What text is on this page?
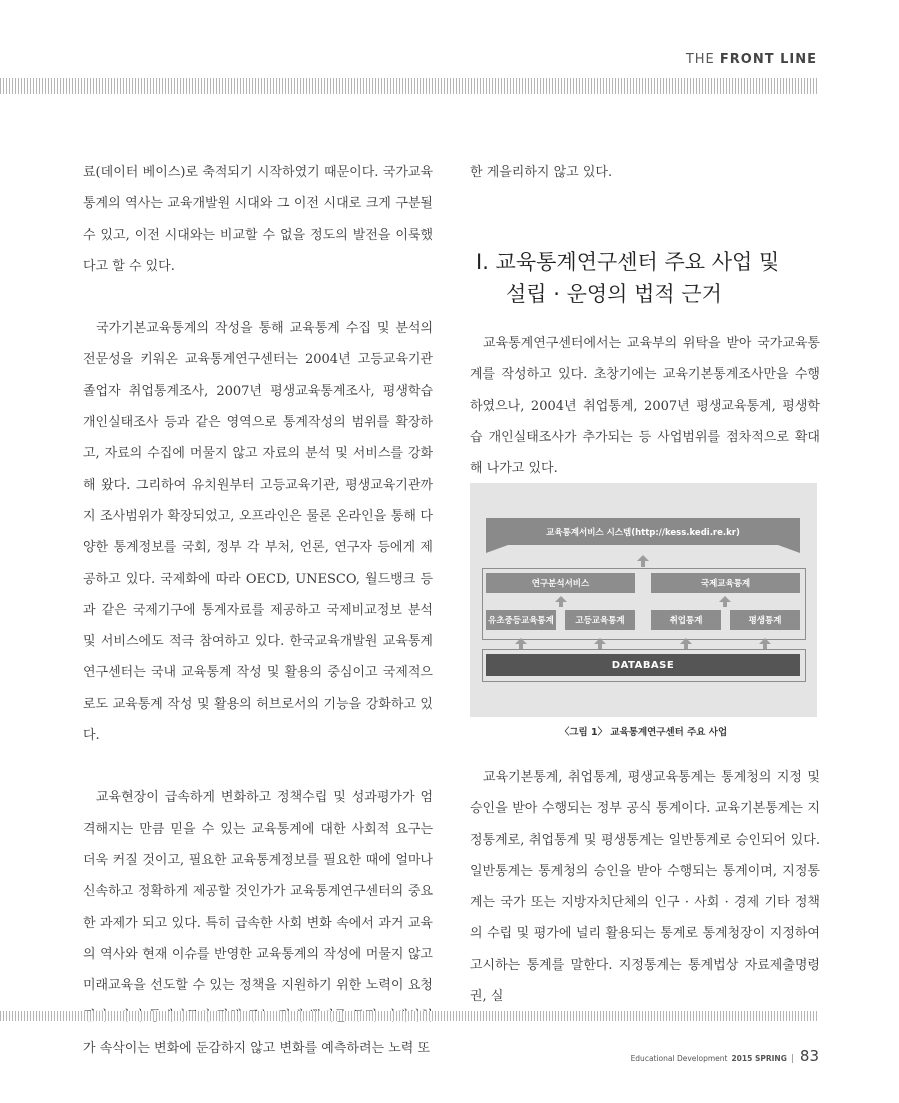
THE FRONT LINE

료(데이터 베이스)로 축적되기 시작하였기 때문이다. 국가교육 통계의 역사는 교육개발원 시대와 그 이전 시대로 크게 구분될 수 있고, 이전 시대와는 비교할 수 없을 정도의 발전을 이룩했다고 할 수 있다.

국가기본교육통계의 작성을 통해 교육통계 수집 및 분석의 전문성을 키워온 교육통계연구센터는 2004년 고등교육기관 졸업자 취업통계조사, 2007년 평생교육통계조사, 평생학습 개인실태조사 등과 같은 영역으로 통계작성의 범위를 확장하고, 자료의 수집에 머물지 않고 자료의 분석 및 서비스를 강화해 왔다. 그리하여 유치원부터 고등교육기관, 평생교육기관까지 조사범위가 확장되었고, 오프라인은 물론 온라인을 통해 다양한 통계정보를 국회, 정부 각 부처, 언론, 연구자 등에게 제공하고 있다. 국제화에 따라 OECD, UNESCO, 월드뱅크 등과 같은 국제기구에 통계자료를 제공하고 국제비교정보 분석 및 서비스에도 적극 참여하고 있다. 한국교육개발원 교육통계연구센터는 국내 교육통계 작성 및 활용의 중심이고 국제적으로도 교육통계 작성 및 활용의 허브로서의 기능을 강화하고 있다.

교육현장이 급속하게 변화하고 정책수립 및 성과평가가 엄격해지는 만큼 믿을 수 있는 교육통계에 대한 사회적 요구는 더욱 커질 것이고, 필요한 교육통계정보를 필요한 때에 얼마나 신속하고 정확하게 제공할 것인가가 교육통계연구센터의 중요한 과제가 되고 있다. 특히 급속한 사회 변화 속에서 과거 교육의 역사와 현재 이슈를 반영한 교육통계의 작성에 머물지 않고 미래교육을 선도할 수 있는 정책을 지원하기 위한 노력이 요청 가 속삭이는 변화에 둔감하지 않고 변화를 예측하려는 노력 또

한 게을리하지 않고 있다.

Ⅰ. 교육통계연구센터 주요 사업 및
설립 · 운영의 법적 근거

교육통계연구센터에서는 교육부의 위탁을 받아 국가교육통계를 작성하고 있다. 초창기에는 교육기본통계조사만을 수행하였으나, 2004년 취업통계, 2007년 평생교육통계, 평생학습 개인실태조사가 추가되는 등 사업범위를 점차적으로 확대해 나가고 있다.

교육통계서비스 시스템(http://kess.kedi.re.kr)
연구분석서비스	국제교육통계
유초중등교육통계	고등교육통계	취업통계	평생통계
DATABASE
〈그림 1〉 교육통계연구센터 주요 사업

교육기본통계, 취업통계, 평생교육통계는 통계청의 지정 및 승인을 받아 수행되는 정부 공식 통계이다. 교육기본통계는 지정통계로, 취업통계 및 평생통계는 일반통계로 승인되어 있다. 일반통계는 통계청의 승인을 받아 수행되는 통계이며, 지정통계는 국가 또는 지방자치단체의 인구 · 사회 · 경제 기타 정책의 수립 및 평가에 널리 활용되는 통계로 통계청장이 지정하여 고시하는 통계를 말한다. 지정통계는 통계법상 자료제출명령권, 실

Educational Development 2015 SPRING | 83
